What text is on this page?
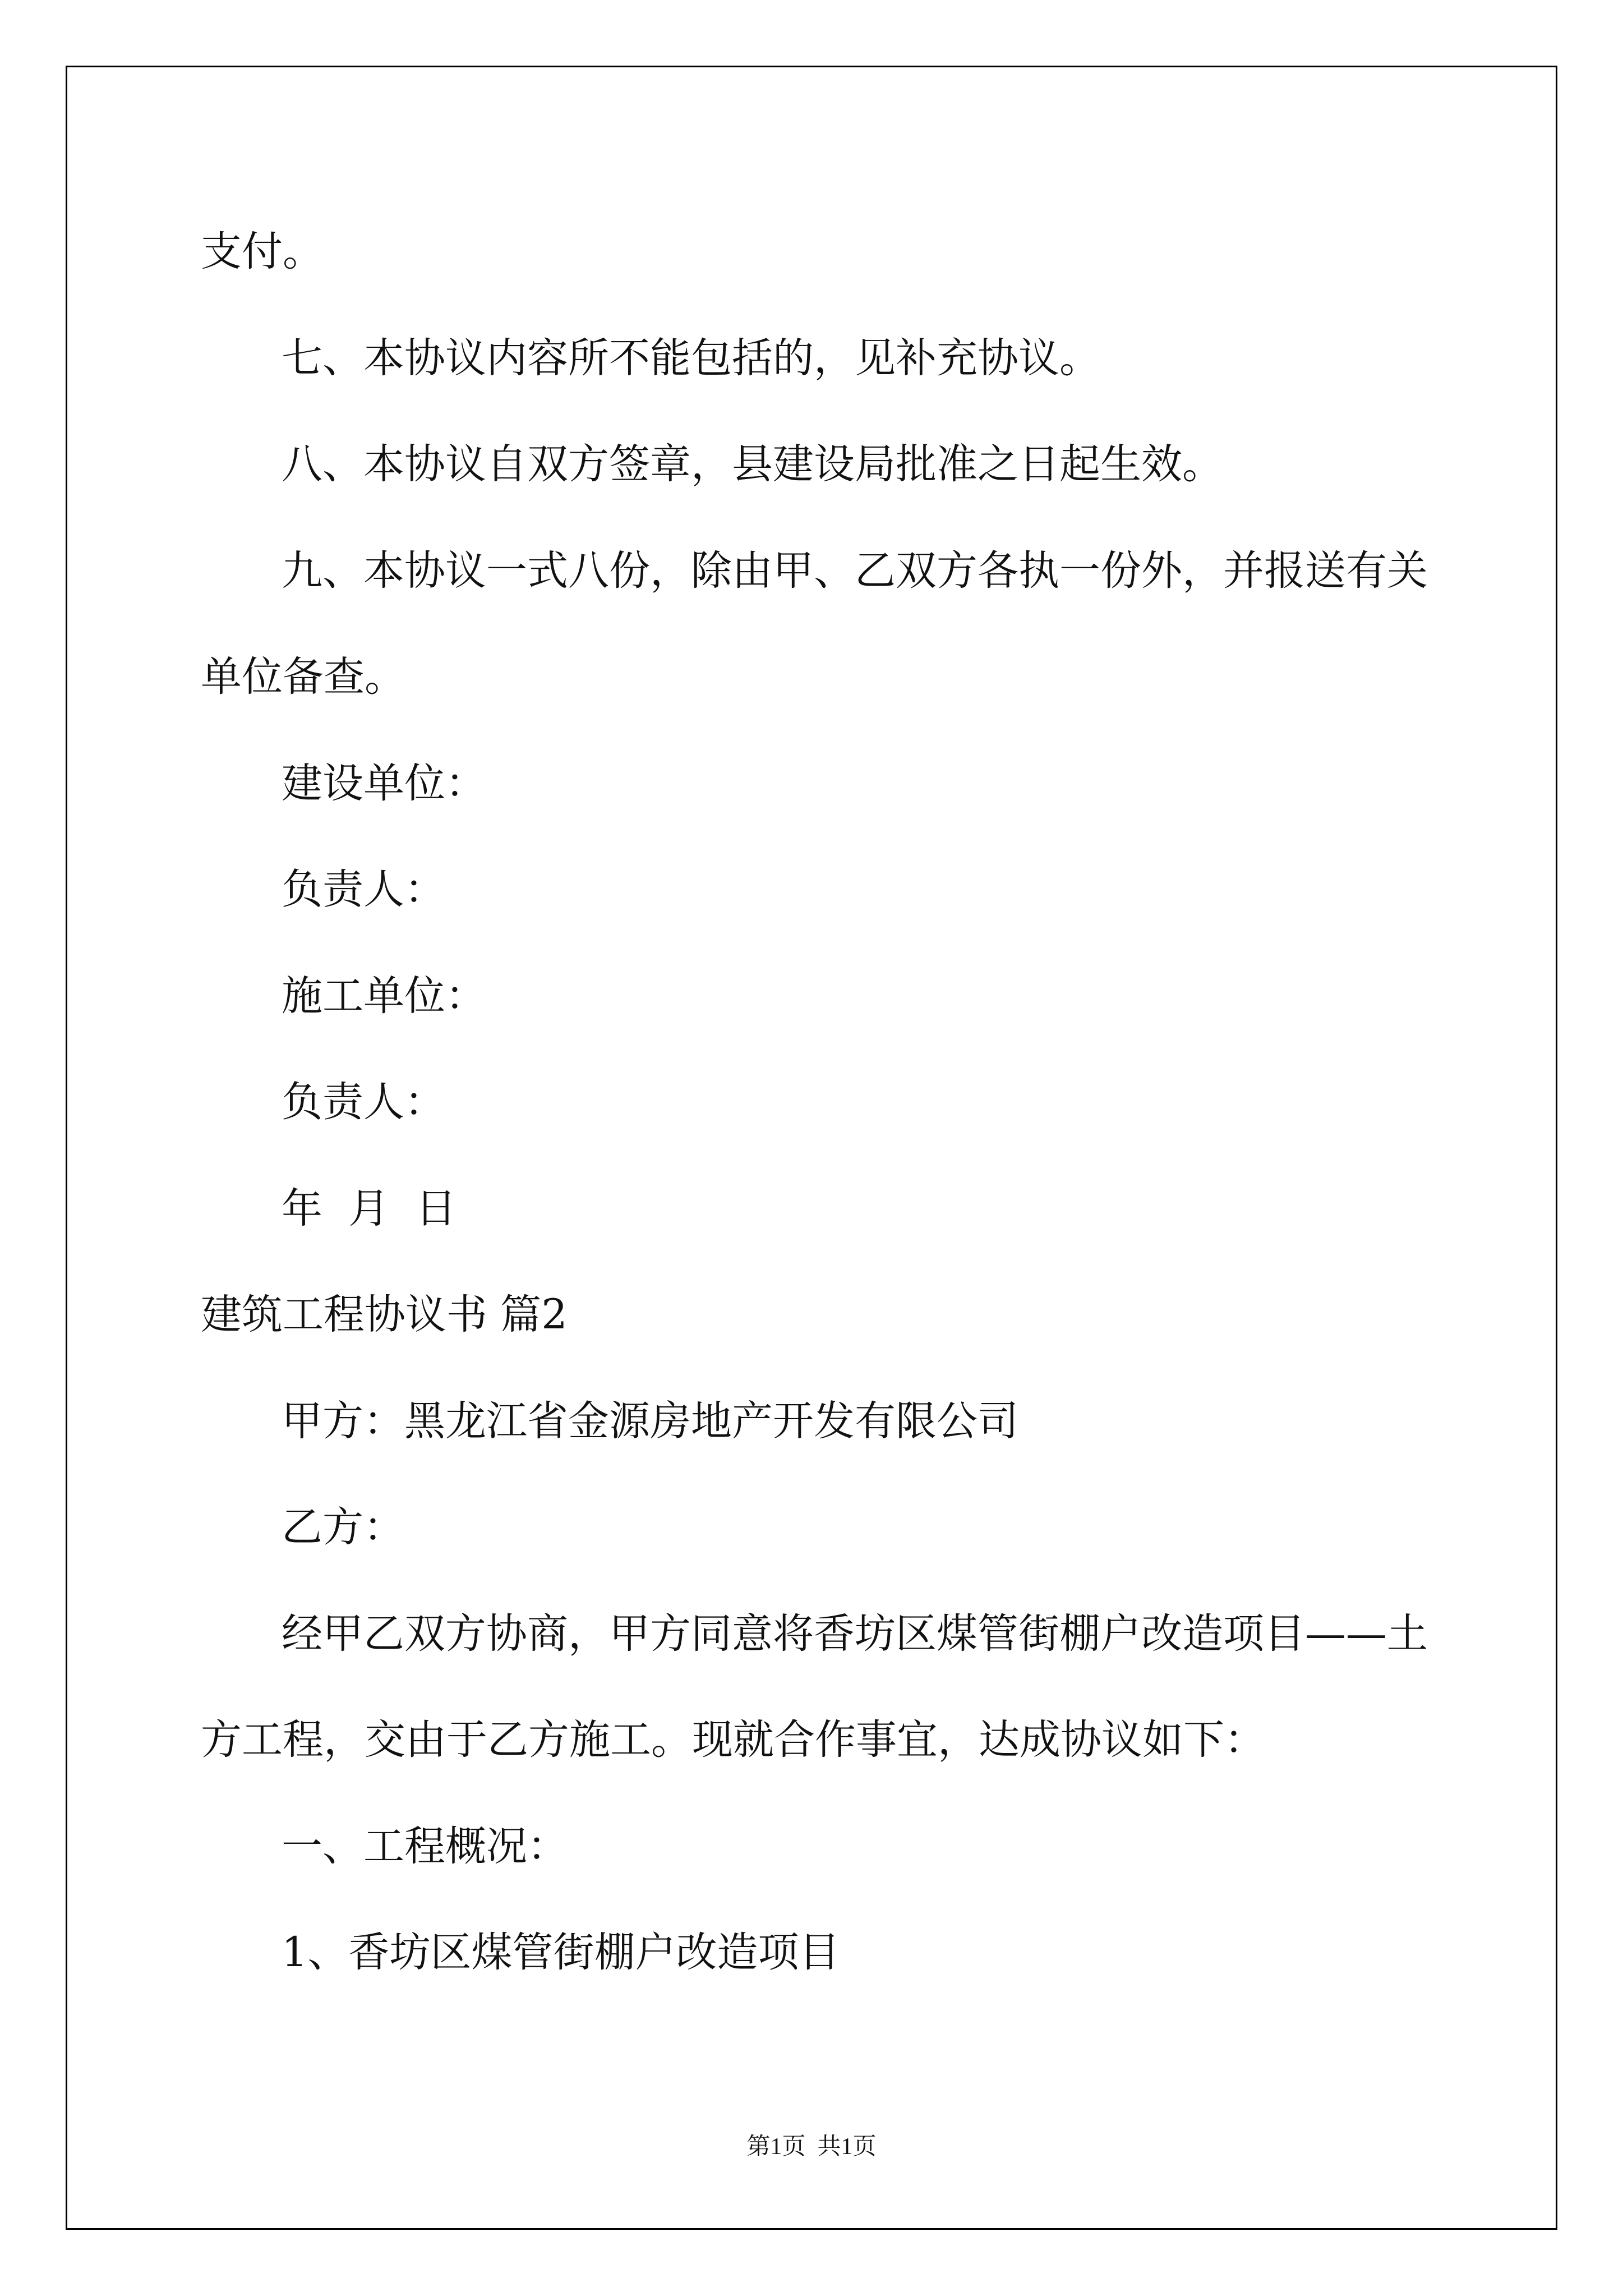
支付。
七、本协议内容所不能包括的，见补充协议。
八、本协议自双方签章，县建设局批准之日起生效。
九、本协议一式八份，除由甲、乙双方各执一份外，并报送有关
单位备查。
建设单位：
负责人：
施工单位：
负责人：
年  月  日
建筑工程协议书 篇2
甲方：黑龙江省金源房地产开发有限公司
乙方：
经甲乙双方协商，甲方同意将香坊区煤管街棚户改造项目——土
方工程，交由于乙方施工。现就合作事宜，达成协议如下：
一、工程概况：
1、香坊区煤管街棚户改造项目
第1页  共1页
